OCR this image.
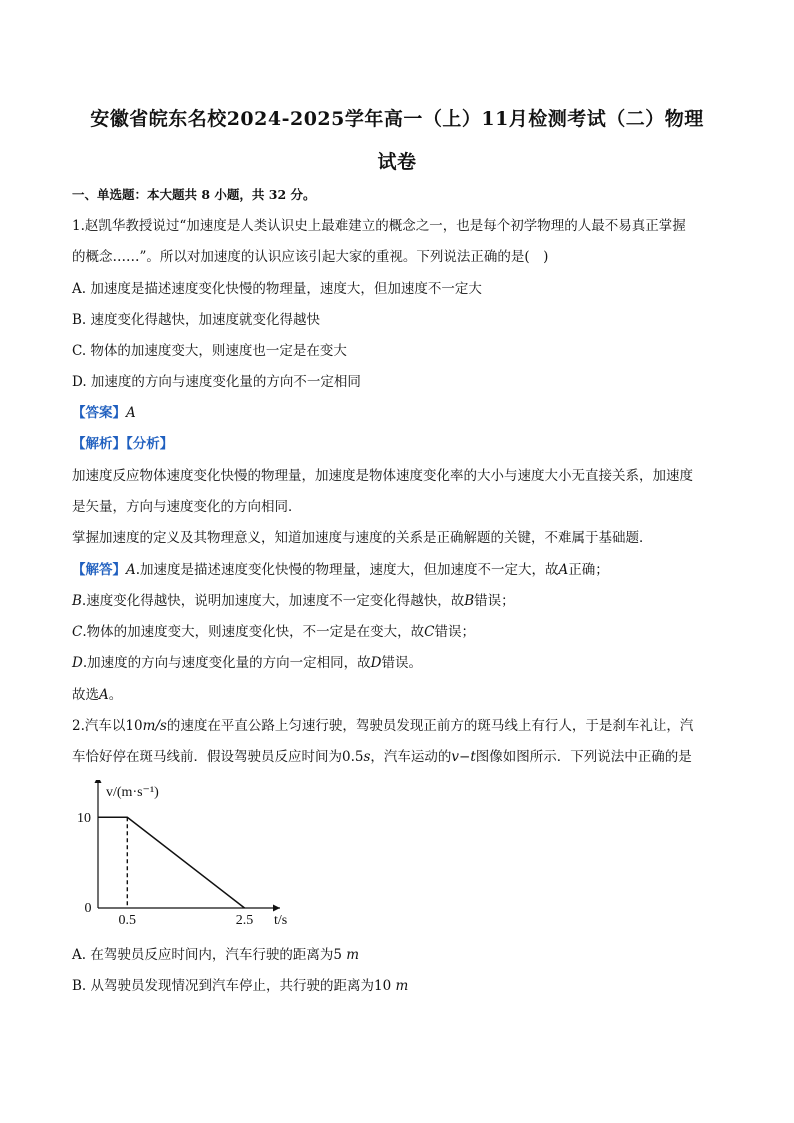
安徽省皖东名校2024-2025学年高一（上）11月检测考试（二）物理
试卷
一、单选题：本大题共 8 小题，共 32 分。
1.赵凯华教授说过“加速度是人类认识史上最难建立的概念之一，也是每个初学物理的人最不易真正掌握
的概念……”。所以对加速度的认识应该引起大家的重视。下列说法正确的是(　)
A. 加速度是描述速度变化快慢的物理量，速度大，但加速度不一定大
B. 速度变化得越快，加速度就变化得越快
C. 物体的加速度变大，则速度也一定是在变大
D. 加速度的方向与速度变化量的方向不一定相同
【答案】A
【解析】【分析】
加速度反应物体速度变化快慢的物理量，加速度是物体速度变化率的大小与速度大小无直接关系，加速度
是矢量，方向与速度变化的方向相同．
掌握加速度的定义及其物理意义，知道加速度与速度的关系是正确解题的关键，不难属于基础题．
【解答】A.加速度是描述速度变化快慢的物理量，速度大，但加速度不一定大，故A正确；
B.速度变化得越快，说明加速度大，加速度不一定变化得越快，故B错误；
C.物体的加速度变大，则速度变化快，不一定是在变大，故C错误；
D.加速度的方向与速度变化量的方向一定相同，故D错误。
故选A。
2.汽车以10m/s的速度在平直公路上匀速行驶，驾驶员发现正前方的斑马线上有行人，于是刹车礼让，汽
车恰好停在斑马线前．假设驾驶员反应时间为0.5s，汽车运动的v−t图像如图所示．下列说法中正确的是
v/(m·s⁻¹)
t/s
0
10
0.5	2.5
A. 在驾驶员反应时间内，汽车行驶的距离为5 m
B. 从驾驶员发现情况到汽车停止，共行驶的距离为10 m
